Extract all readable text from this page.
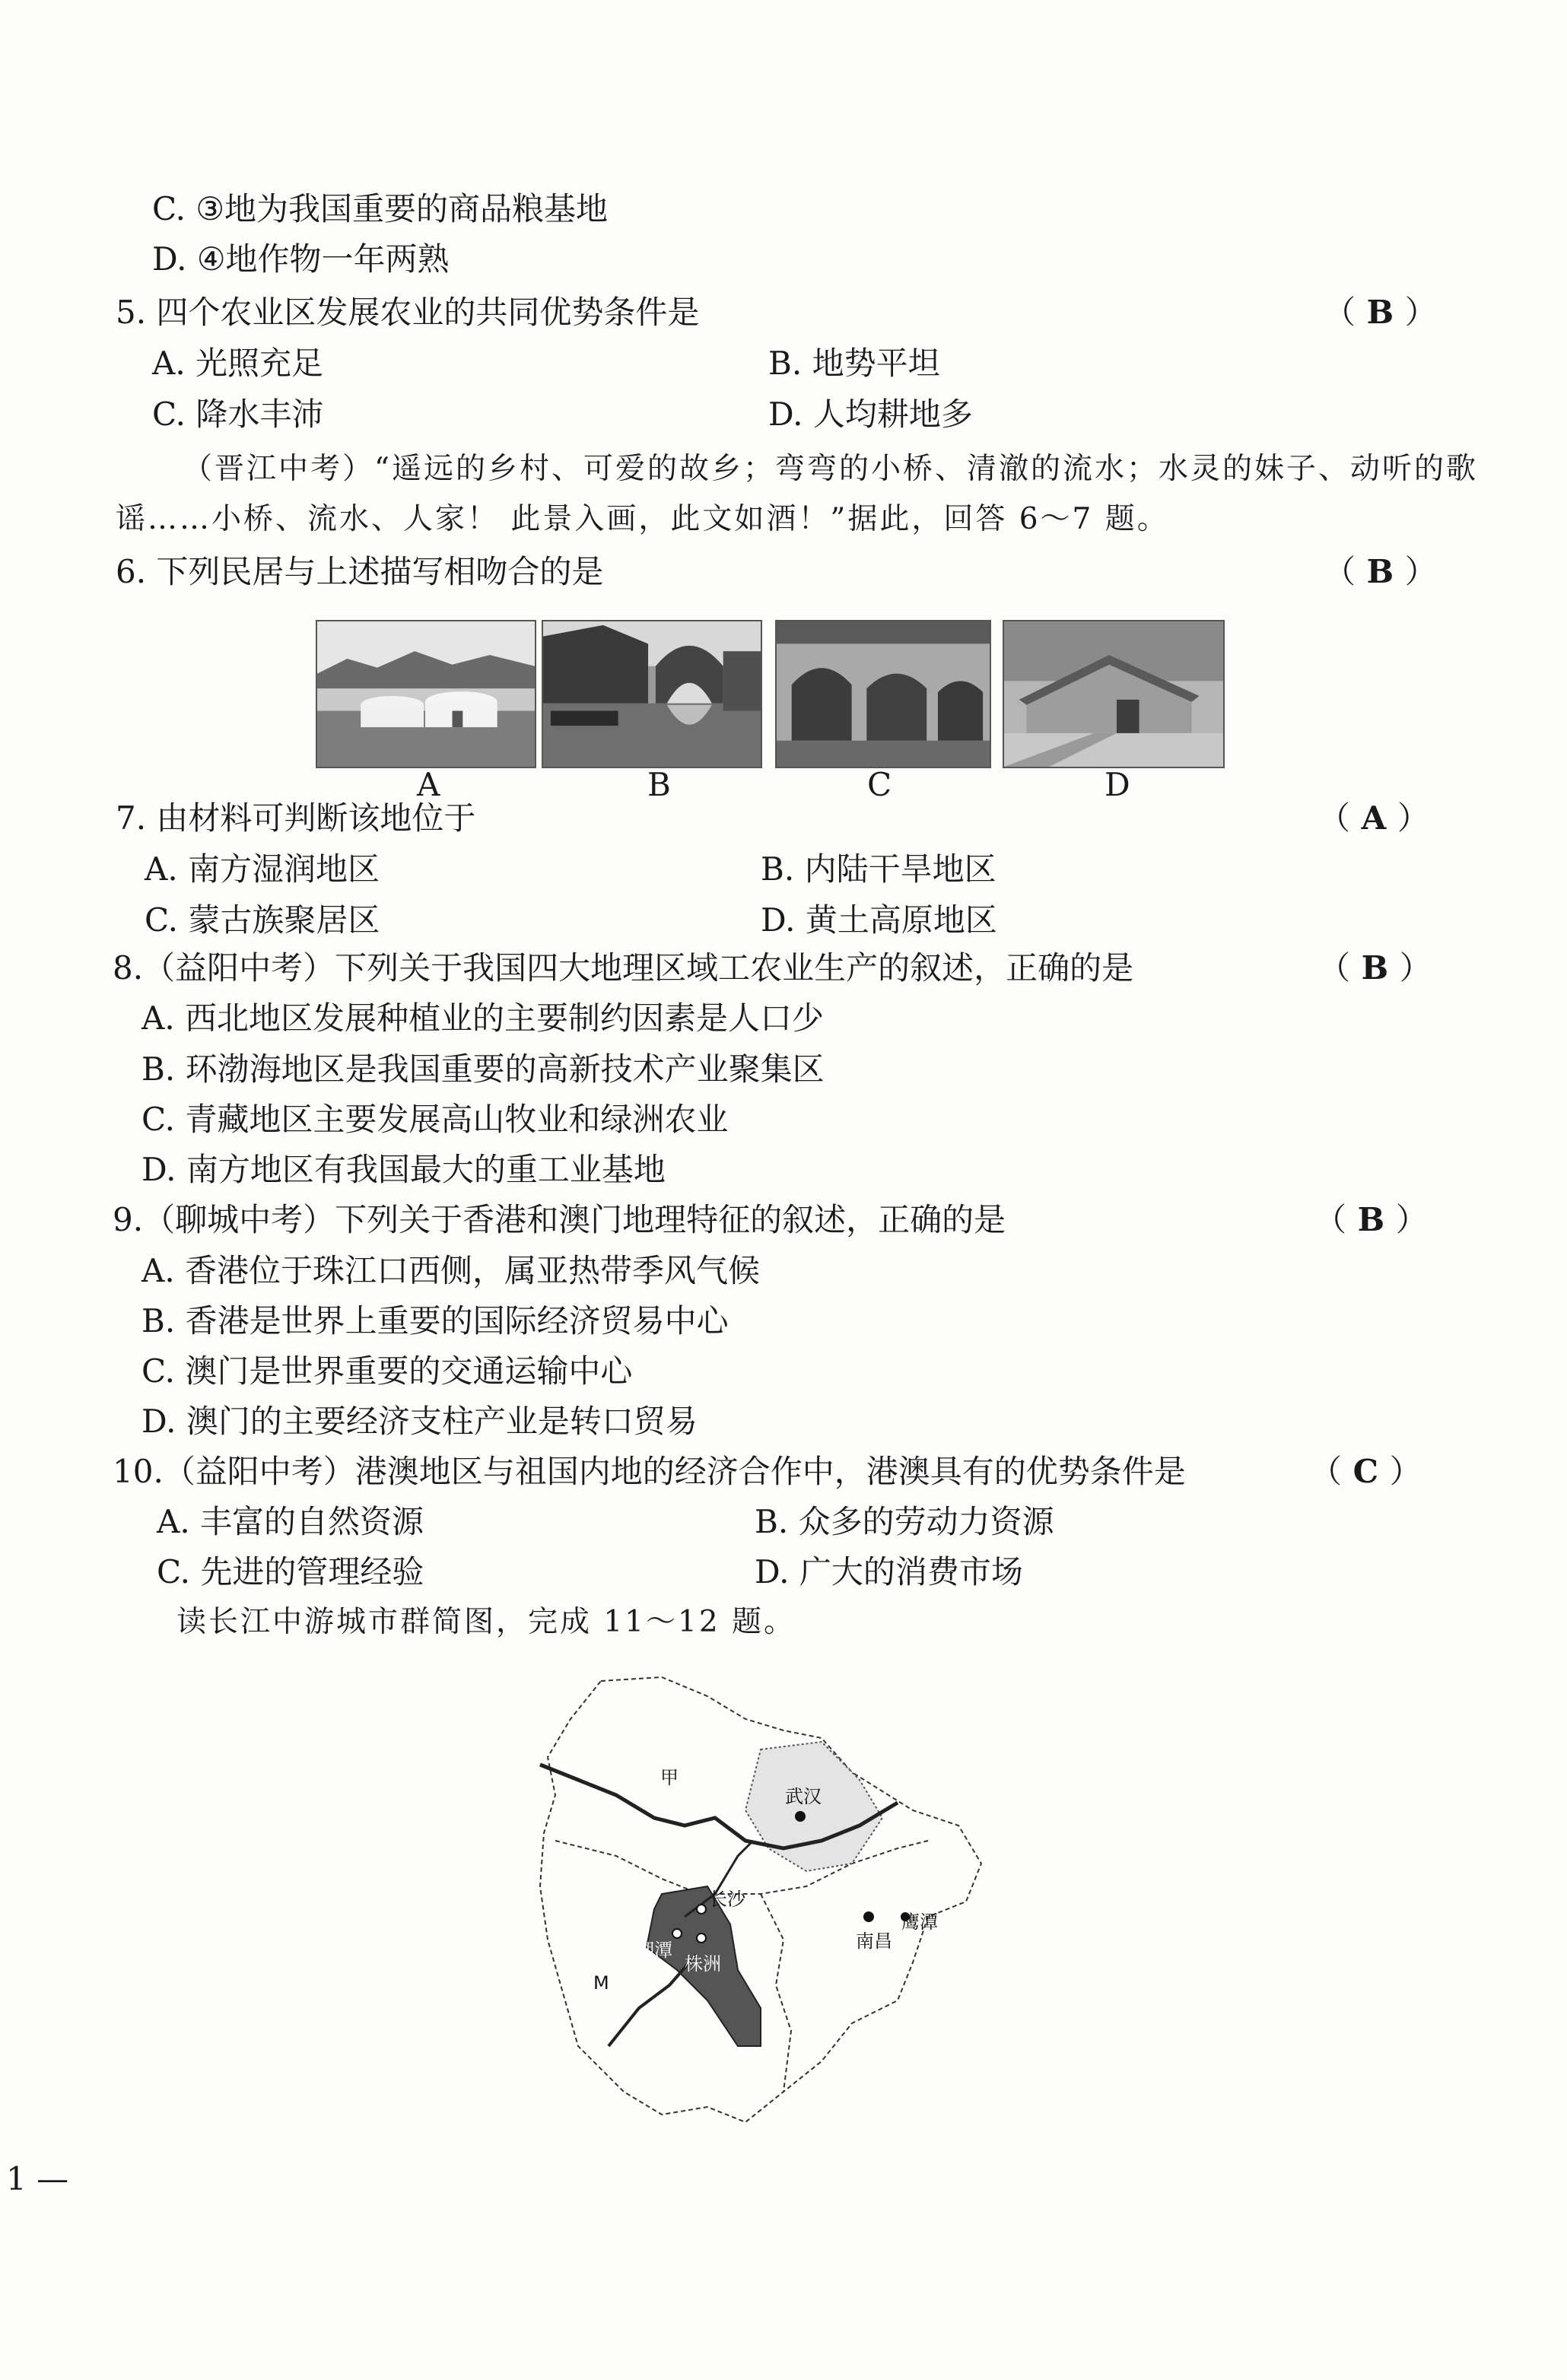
C. ③地为我国重要的商品粮基地
D. ④地作物一年两熟
5. 四个农业区发展农业的共同优势条件是	（ B ）
A. 光照充足	B. 地势平坦
C. 降水丰沛	D. 人均耕地多
（晋江中考）“遥远的乡村、可爱的故乡；弯弯的小桥、清澈的流水；水灵的妹子、动听的歌
谣……小桥、流水、人家！ 此景入画，此文如酒！”据此，回答 6～7 题。
6. 下列民居与上述描写相吻合的是	（ B ）
A	B	C	D
7. 由材料可判断该地位于	（ A ）
A. 南方湿润地区	B. 内陆干旱地区
C. 蒙古族聚居区	D. 黄土高原地区
8.（益阳中考）下列关于我国四大地理区域工农业生产的叙述，正确的是	（ B ）
A. 西北地区发展种植业的主要制约因素是人口少
B. 环渤海地区是我国重要的高新技术产业聚集区
C. 青藏地区主要发展高山牧业和绿洲农业
D. 南方地区有我国最大的重工业基地
9.（聊城中考）下列关于香港和澳门地理特征的叙述，正确的是	（ B ）
A. 香港位于珠江口西侧，属亚热带季风气候
B. 香港是世界上重要的国际经济贸易中心
C. 澳门是世界重要的交通运输中心
D. 澳门的主要经济支柱产业是转口贸易
10.（益阳中考）港澳地区与祖国内地的经济合作中，港澳具有的优势条件是	（ C ）
A. 丰富的自然资源	B. 众多的劳动力资源
C. 先进的管理经验	D. 广大的消费市场
读长江中游城市群简图，完成 11～12 题。
甲
武汉
长沙
湘潭
株洲
南昌
鹰潭
M
1 —
